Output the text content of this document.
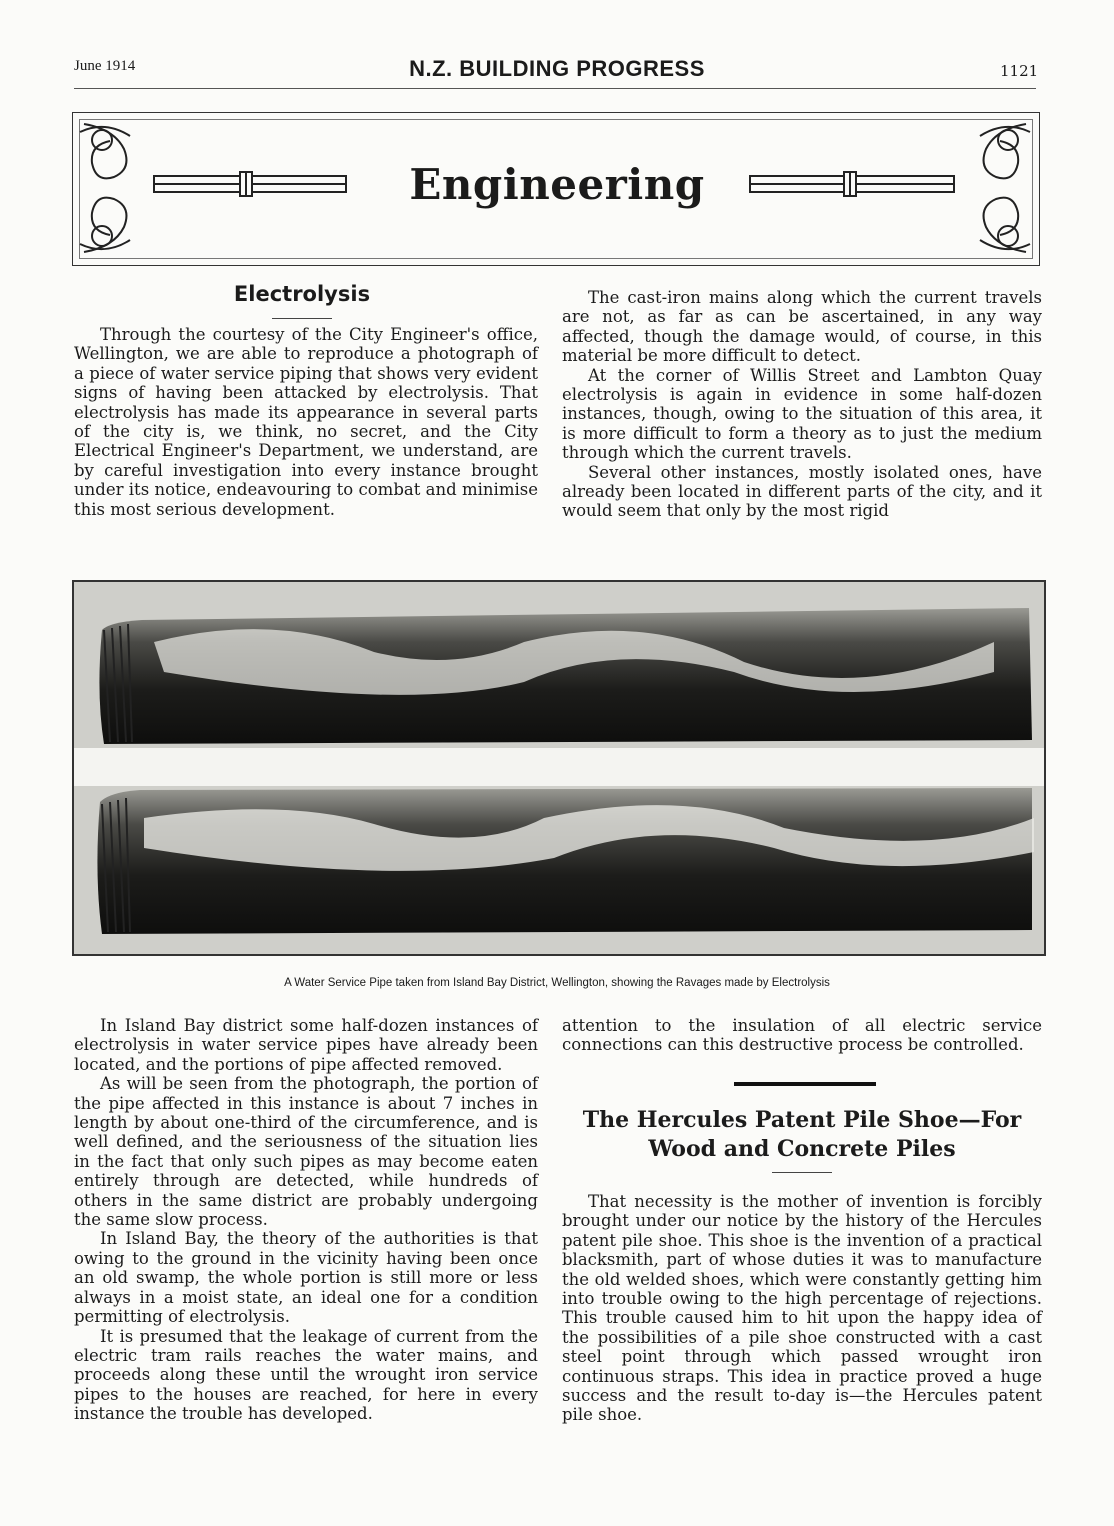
June 1914	N.Z. BUILDING PROGRESS	1121
Engineering
Electrolysis

Through the courtesy of the City Engineer's office, Wellington, we are able to reproduce a photograph of a piece of water service piping that shows very evident signs of having been attacked by electrolysis. That electrolysis has made its appearance in several parts of the city is, we think, no secret, and the City Electrical Engineer's Department, we understand, are by careful investigation into every instance brought under its notice, endeavouring to combat and minimise this most serious development.

The cast-iron mains along which the current travels are not, as far as can be ascertained, in any way affected, though the damage would, of course, in this material be more difficult to detect.

At the corner of Willis Street and Lambton Quay electrolysis is again in evidence in some half-dozen instances, though, owing to the situation of this area, it is more difficult to form a theory as to just the medium through which the current travels.

Several other instances, mostly isolated ones, have already been located in different parts of the city, and it would seem that only by the most rigid

A Water Service Pipe taken from Island Bay District, Wellington, showing the Ravages made by Electrolysis

In Island Bay district some half-dozen instances of electrolysis in water service pipes have already been located, and the portions of pipe affected removed.

As will be seen from the photograph, the portion of the pipe affected in this instance is about 7 inches in length by about one-third of the circumference, and is well defined, and the seriousness of the situation lies in the fact that only such pipes as may become eaten entirely through are detected, while hundreds of others in the same district are probably undergoing the same slow process.

In Island Bay, the theory of the authorities is that owing to the ground in the vicinity having been once an old swamp, the whole portion is still more or less always in a moist state, an ideal one for a condition permitting of electrolysis.

It is presumed that the leakage of current from the electric tram rails reaches the water mains, and proceeds along these until the wrought iron service pipes to the houses are reached, for here in every instance the trouble has developed.

attention to the insulation of all electric service connections can this destructive process be controlled.

The Hercules Patent Pile Shoe—For
Wood and Concrete Piles

That necessity is the mother of invention is forcibly brought under our notice by the history of the Hercules patent pile shoe. This shoe is the invention of a practical blacksmith, part of whose duties it was to manufacture the old welded shoes, which were constantly getting him into trouble owing to the high percentage of rejections. This trouble caused him to hit upon the happy idea of the possibilities of a pile shoe constructed with a cast steel point through which passed wrought iron continuous straps. This idea in practice proved a huge success and the result to-day is—the Hercules patent pile shoe.
